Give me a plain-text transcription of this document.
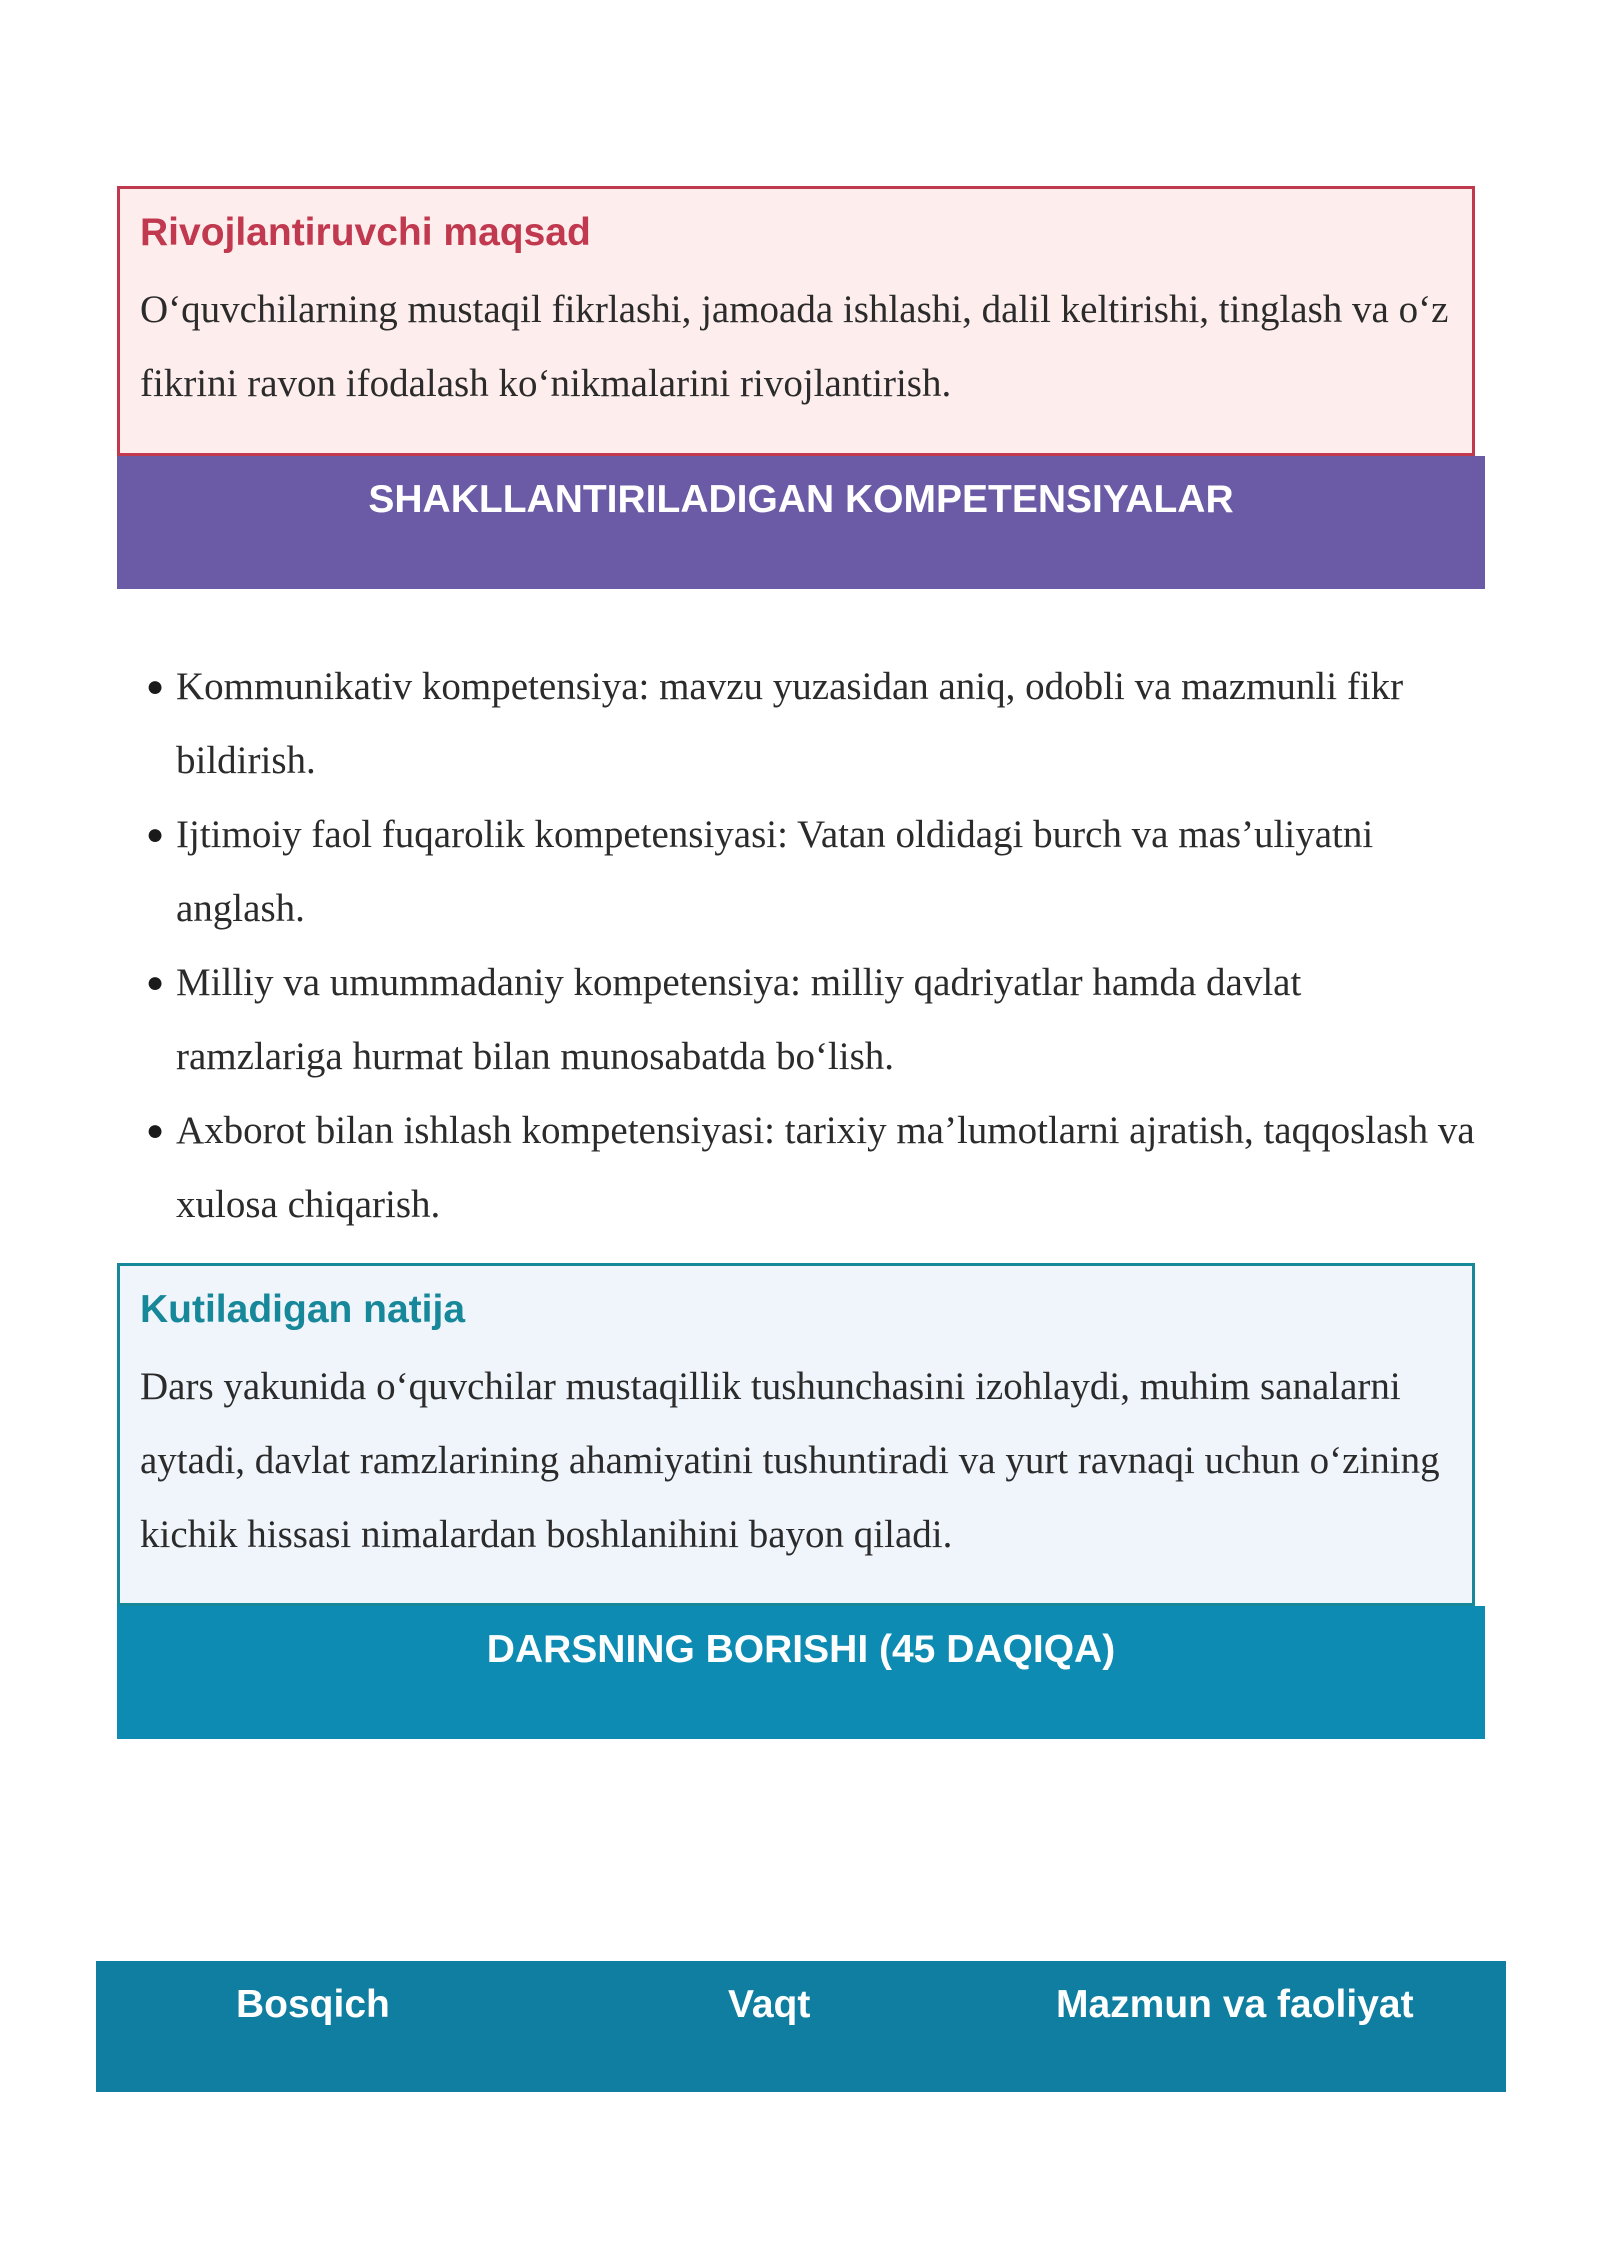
Rivojlantiruvchi maqsad

O‘quvchilarning mustaqil fikrlashi, jamoada ishlashi, dalil keltirishi, tinglash va o‘z fikrini ravon ifodalash ko‘nikmalarini rivojlantirish.

SHAKLLANTIRILADIGAN KOMPETENSIYALAR
● Kommunikativ kompetensiya: mavzu yuzasidan aniq, odobli va mazmunli fikr bildirish.
● Ijtimoiy faol fuqarolik kompetensiyasi: Vatan oldidagi burch va mas’uliyatni anglash.
● Milliy va umummadaniy kompetensiya: milliy qadriyatlar hamda davlat ramzlariga hurmat bilan munosabatda bo‘lish.
● Axborot bilan ishlash kompetensiyasi: tarixiy ma’lumotlarni ajratish, taqqoslash va xulosa chiqarish.
Kutiladigan natija

Dars yakunida o‘quvchilar mustaqillik tushunchasini izohlaydi, muhim sanalarni aytadi, davlat ramzlarining ahamiyatini tushuntiradi va yurt ravnaqi uchun o‘zining kichik hissasi nimalardan boshlanihini bayon qiladi.

DARSNING BORISHI (45 DAQIQA)
Bosqich	Vaqt	Mazmun va faoliyat
